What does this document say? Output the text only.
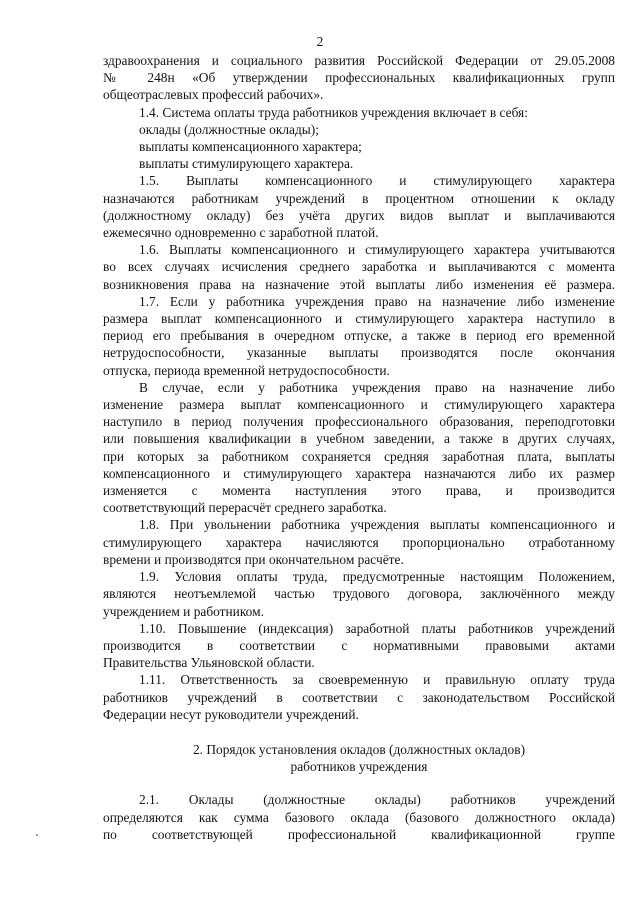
2
здравоохранения и социального развития Российской Федерации от 29.05.2008
№ 248н «Об утверждении профессиональных квалификационных групп
общеотраслевых профессий рабочих».
1.4. Система оплаты труда работников учреждения включает в себя:
оклады (должностные оклады);
выплаты компенсационного характера;
выплаты стимулирующего характера.
1.5. Выплаты компенсационного и стимулирующего характера
назначаются работникам учреждений в процентном отношении к окладу
(должностному окладу) без учёта других видов выплат и выплачиваются
ежемесячно одновременно с заработной платой.
1.6. Выплаты компенсационного и стимулирующего характера учитываются
во всех случаях исчисления среднего заработка и выплачиваются с момента
возникновения права на назначение этой выплаты либо изменения её размера.
1.7. Если у работника учреждения право на назначение либо изменение
размера выплат компенсационного и стимулирующего характера наступило в
период его пребывания в очередном отпуске, а также в период его временной
нетрудоспособности, указанные выплаты производятся после окончания
отпуска, периода временной нетрудоспособности.
В случае, если у работника учреждения право на назначение либо
изменение размера выплат компенсационного и стимулирующего характера
наступило в период получения профессионального образования, переподготовки
или повышения квалификации в учебном заведении, а также в других случаях,
при которых за работником сохраняется средняя заработная плата, выплаты
компенсационного и стимулирующего характера назначаются либо их размер
изменяется с момента наступления этого права, и производится
соответствующий перерасчёт среднего заработка.
1.8. При увольнении работника учреждения выплаты компенсационного и
стимулирующего характера начисляются пропорционально отработанному
времени и производятся при окончательном расчёте.
1.9. Условия оплаты труда, предусмотренные настоящим Положением,
являются неотъемлемой частью трудового договора, заключённого между
учреждением и работником.
1.10. Повышение (индексация) заработной платы работников учреждений
производится в соответствии с нормативными правовыми актами
Правительства Ульяновской области.
1.11. Ответственность за своевременную и правильную оплату труда
работников учреждений в соответствии с законодательством Российской
Федерации несут руководители учреждений.
2. Порядок установления окладов (должностных окладов)
работников учреждения
2.1. Оклады (должностные оклады) работников учреждений
определяются как сумма базового оклада (базового должностного оклада)
по соответствующей профессиональной квалификационной группе
